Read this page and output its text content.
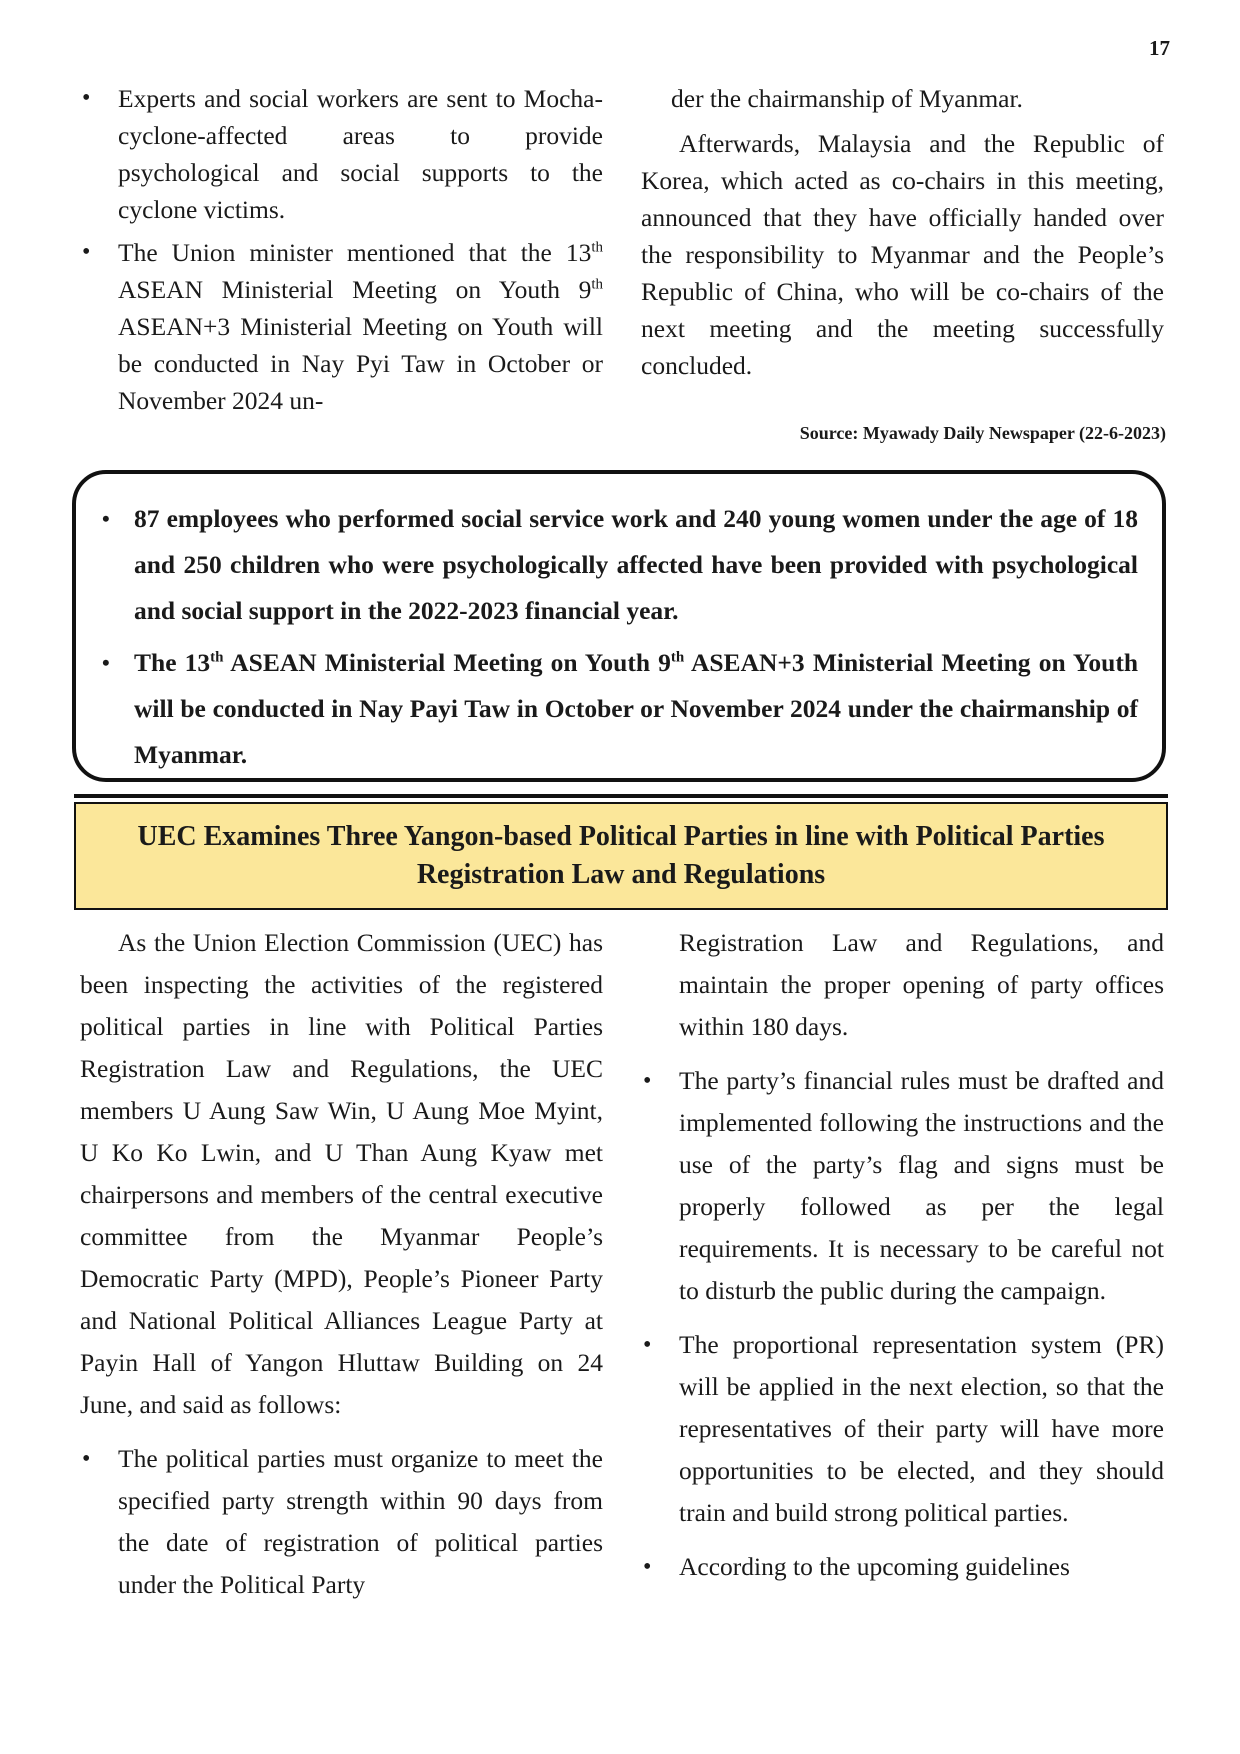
17
• Experts and social workers are sent to Mocha-cyclone-affected areas to provide psychological and social supports to the cyclone victims.
• The Union minister mentioned that the 13th ASEAN Ministerial Meeting on Youth 9th ASEAN+3 Ministerial Meeting on Youth will be conducted in Nay Pyi Taw in October or November 2024 un-

der the chairmanship of Myanmar.

Afterwards, Malaysia and the Republic of Korea, which acted as co-chairs in this meeting, announced that they have officially handed over the responsibility to Myanmar and the People’s Republic of China, who will be co-chairs of the next meeting and the meeting successfully concluded.

Source: Myawady Daily Newspaper (22-6-2023)
• 87 employees who performed social service work and 240 young women under the age of 18 and 250 children who were psychologically affected have been provided with psychological and social support in the 2022-2023 financial year.
• The 13th ASEAN Ministerial Meeting on Youth 9th ASEAN+3 Ministerial Meeting on Youth will be conducted in Nay Payi Taw in October or November 2024 under the chairmanship of Myanmar.
UEC Examines Three Yangon-based Political Parties in line with Political Parties Registration Law and Regulations

As the Union Election Commission (UEC) has been inspecting the activities of the registered political parties in line with Political Parties Registration Law and Regulations, the UEC members U Aung Saw Win, U Aung Moe Myint, U Ko Ko Lwin, and U Than Aung Kyaw met chairpersons and members of the central executive committee from the Myanmar People’s Democratic Party (MPD), People’s Pioneer Party and National Political Alliances League Party at Payin Hall of Yangon Hluttaw Building on 24 June, and said as follows:

• The political parties must organize to meet the specified party strength within 90 days from the date of registration of political parties under the Political Party

Registration Law and Regulations, and maintain the proper opening of party offices within 180 days.

• The party’s financial rules must be drafted and implemented following the instructions and the use of the party’s flag and signs must be properly followed as per the legal requirements. It is necessary to be careful not to disturb the public during the campaign.
• The proportional representation system (PR) will be applied in the next election, so that the representatives of their party will have more opportunities to be elected, and they should train and build strong political parties.
• According to the upcoming guidelines
